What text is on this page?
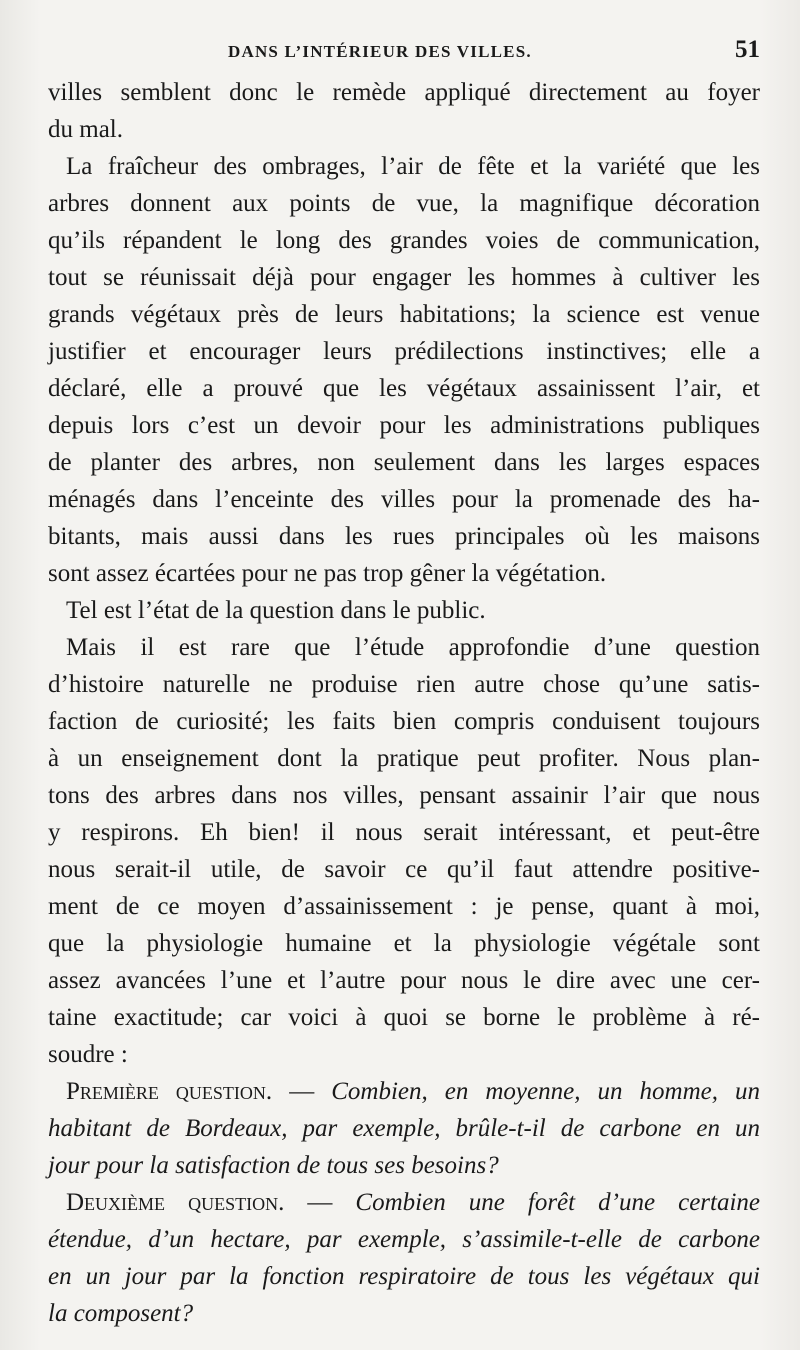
DANS L’INTÉRIEUR DES VILLES.	51
villes semblent donc le remède appliqué directement au foyer
du mal.
La fraîcheur des ombrages, l’air de fête et la variété que les
arbres donnent aux points de vue, la magnifique décoration
qu’ils répandent le long des grandes voies de communication,
tout se réunissait déjà pour engager les hommes à cultiver les
grands végétaux près de leurs habitations; la science est venue
justifier et encourager leurs prédilections instinctives; elle a
déclaré, elle a prouvé que les végétaux assainissent l’air, et
depuis lors c’est un devoir pour les administrations publiques
de planter des arbres, non seulement dans les larges espaces
ménagés dans l’enceinte des villes pour la promenade des ha-
bitants, mais aussi dans les rues principales où les maisons
sont assez écartées pour ne pas trop gêner la végétation.
Tel est l’état de la question dans le public.
Mais il est rare que l’étude approfondie d’une question
d’histoire naturelle ne produise rien autre chose qu’une satis-
faction de curiosité; les faits bien compris conduisent toujours
à un enseignement dont la pratique peut profiter. Nous plan-
tons des arbres dans nos villes, pensant assainir l’air que nous
y respirons. Eh bien! il nous serait intéressant, et peut-être
nous serait-il utile, de savoir ce qu’il faut attendre positive-
ment de ce moyen d’assainissement : je pense, quant à moi,
que la physiologie humaine et la physiologie végétale sont
assez avancées l’une et l’autre pour nous le dire avec une cer-
taine exactitude; car voici à quoi se borne le problème à ré-
soudre :
Première question. — Combien, en moyenne, un homme, un
habitant de Bordeaux, par exemple, brûle-t-il de carbone en un
jour pour la satisfaction de tous ses besoins?
Deuxième question. — Combien une forêt d’une certaine
étendue, d’un hectare, par exemple, s’assimile-t-elle de carbone
en un jour par la fonction respiratoire de tous les végétaux qui
la composent?
